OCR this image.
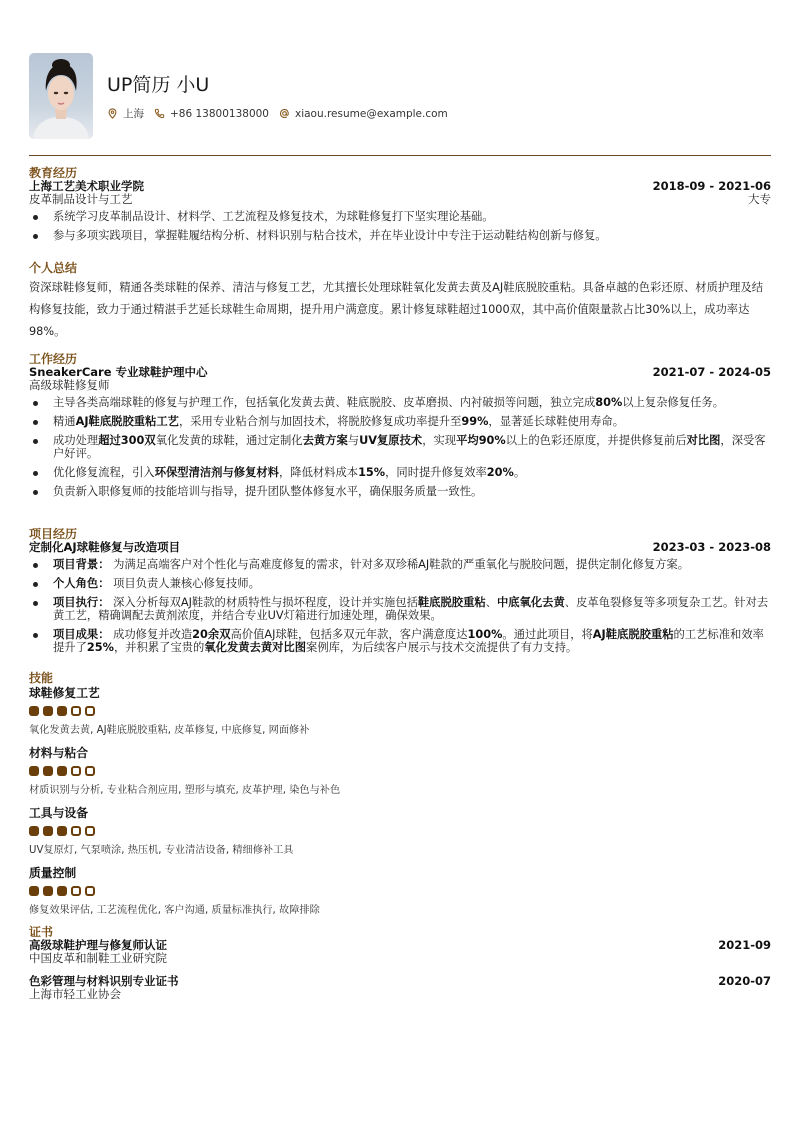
UP简历 小U
上海 +86 13800138000 xiaou.resume@example.com
教育经历
上海工艺美术职业学院	2018-09 - 2021-06
皮革制品设计与工艺	大专
系统学习皮革制品设计、材料学、工艺流程及修复技术，为球鞋修复打下坚实理论基础。
参与多项实践项目，掌握鞋履结构分析、材料识别与粘合技术，并在毕业设计中专注于运动鞋结构创新与修复。
个人总结
资深球鞋修复师，精通各类球鞋的保养、清洁与修复工艺，尤其擅长处理球鞋氧化发黄去黄及AJ鞋底脱胶重粘。具备卓越的色彩还原、材质护理及结构修复技能，致力于通过精湛手艺延长球鞋生命周期，提升用户满意度。累计修复球鞋超过1000双，其中高价值限量款占比30%以上，成功率达98%。
工作经历
SneakerCare 专业球鞋护理中心	2021-07 - 2024-05
高级球鞋修复师
主导各类高端球鞋的修复与护理工作，包括氧化发黄去黄、鞋底脱胶、皮革磨损、内衬破损等问题，独立完成80%以上复杂修复任务。
精通AJ鞋底脱胶重粘工艺，采用专业粘合剂与加固技术，将脱胶修复成功率提升至99%，显著延长球鞋使用寿命。
成功处理超过300双氧化发黄的球鞋，通过定制化去黄方案与UV复原技术，实现平均90%以上的色彩还原度，并提供修复前后对比图，深受客户好评。
优化修复流程，引入环保型清洁剂与修复材料，降低材料成本15%，同时提升修复效率20%。
负责新入职修复师的技能培训与指导，提升团队整体修复水平，确保服务质量一致性。
项目经历
定制化AJ球鞋修复与改造项目	2023-03 - 2023-08
项目背景： 为满足高端客户对个性化与高难度修复的需求，针对多双珍稀AJ鞋款的严重氧化与脱胶问题，提供定制化修复方案。
个人角色： 项目负责人兼核心修复技师。
项目执行： 深入分析每双AJ鞋款的材质特性与损坏程度，设计并实施包括鞋底脱胶重粘、中底氧化去黄、皮革龟裂修复等多项复杂工艺。针对去黄工艺，精确调配去黄剂浓度，并结合专业UV灯箱进行加速处理，确保效果。
项目成果： 成功修复并改造20余双高价值AJ球鞋，包括多双元年款，客户满意度达100%。通过此项目，将AJ鞋底脱胶重粘的工艺标准和效率提升了25%，并积累了宝贵的氧化发黄去黄对比图案例库，为后续客户展示与技术交流提供了有力支持。
技能
球鞋修复工艺
氧化发黄去黄, AJ鞋底脱胶重粘, 皮革修复, 中底修复, 网面修补
材料与粘合
材质识别与分析, 专业粘合剂应用, 塑形与填充, 皮革护理, 染色与补色
工具与设备
UV复原灯, 气泵喷涂, 热压机, 专业清洁设备, 精细修补工具
质量控制
修复效果评估, 工艺流程优化, 客户沟通, 质量标准执行, 故障排除
证书
高级球鞋护理与修复师认证	2021-09
中国皮革和制鞋工业研究院
色彩管理与材料识别专业证书	2020-07
上海市轻工业协会
